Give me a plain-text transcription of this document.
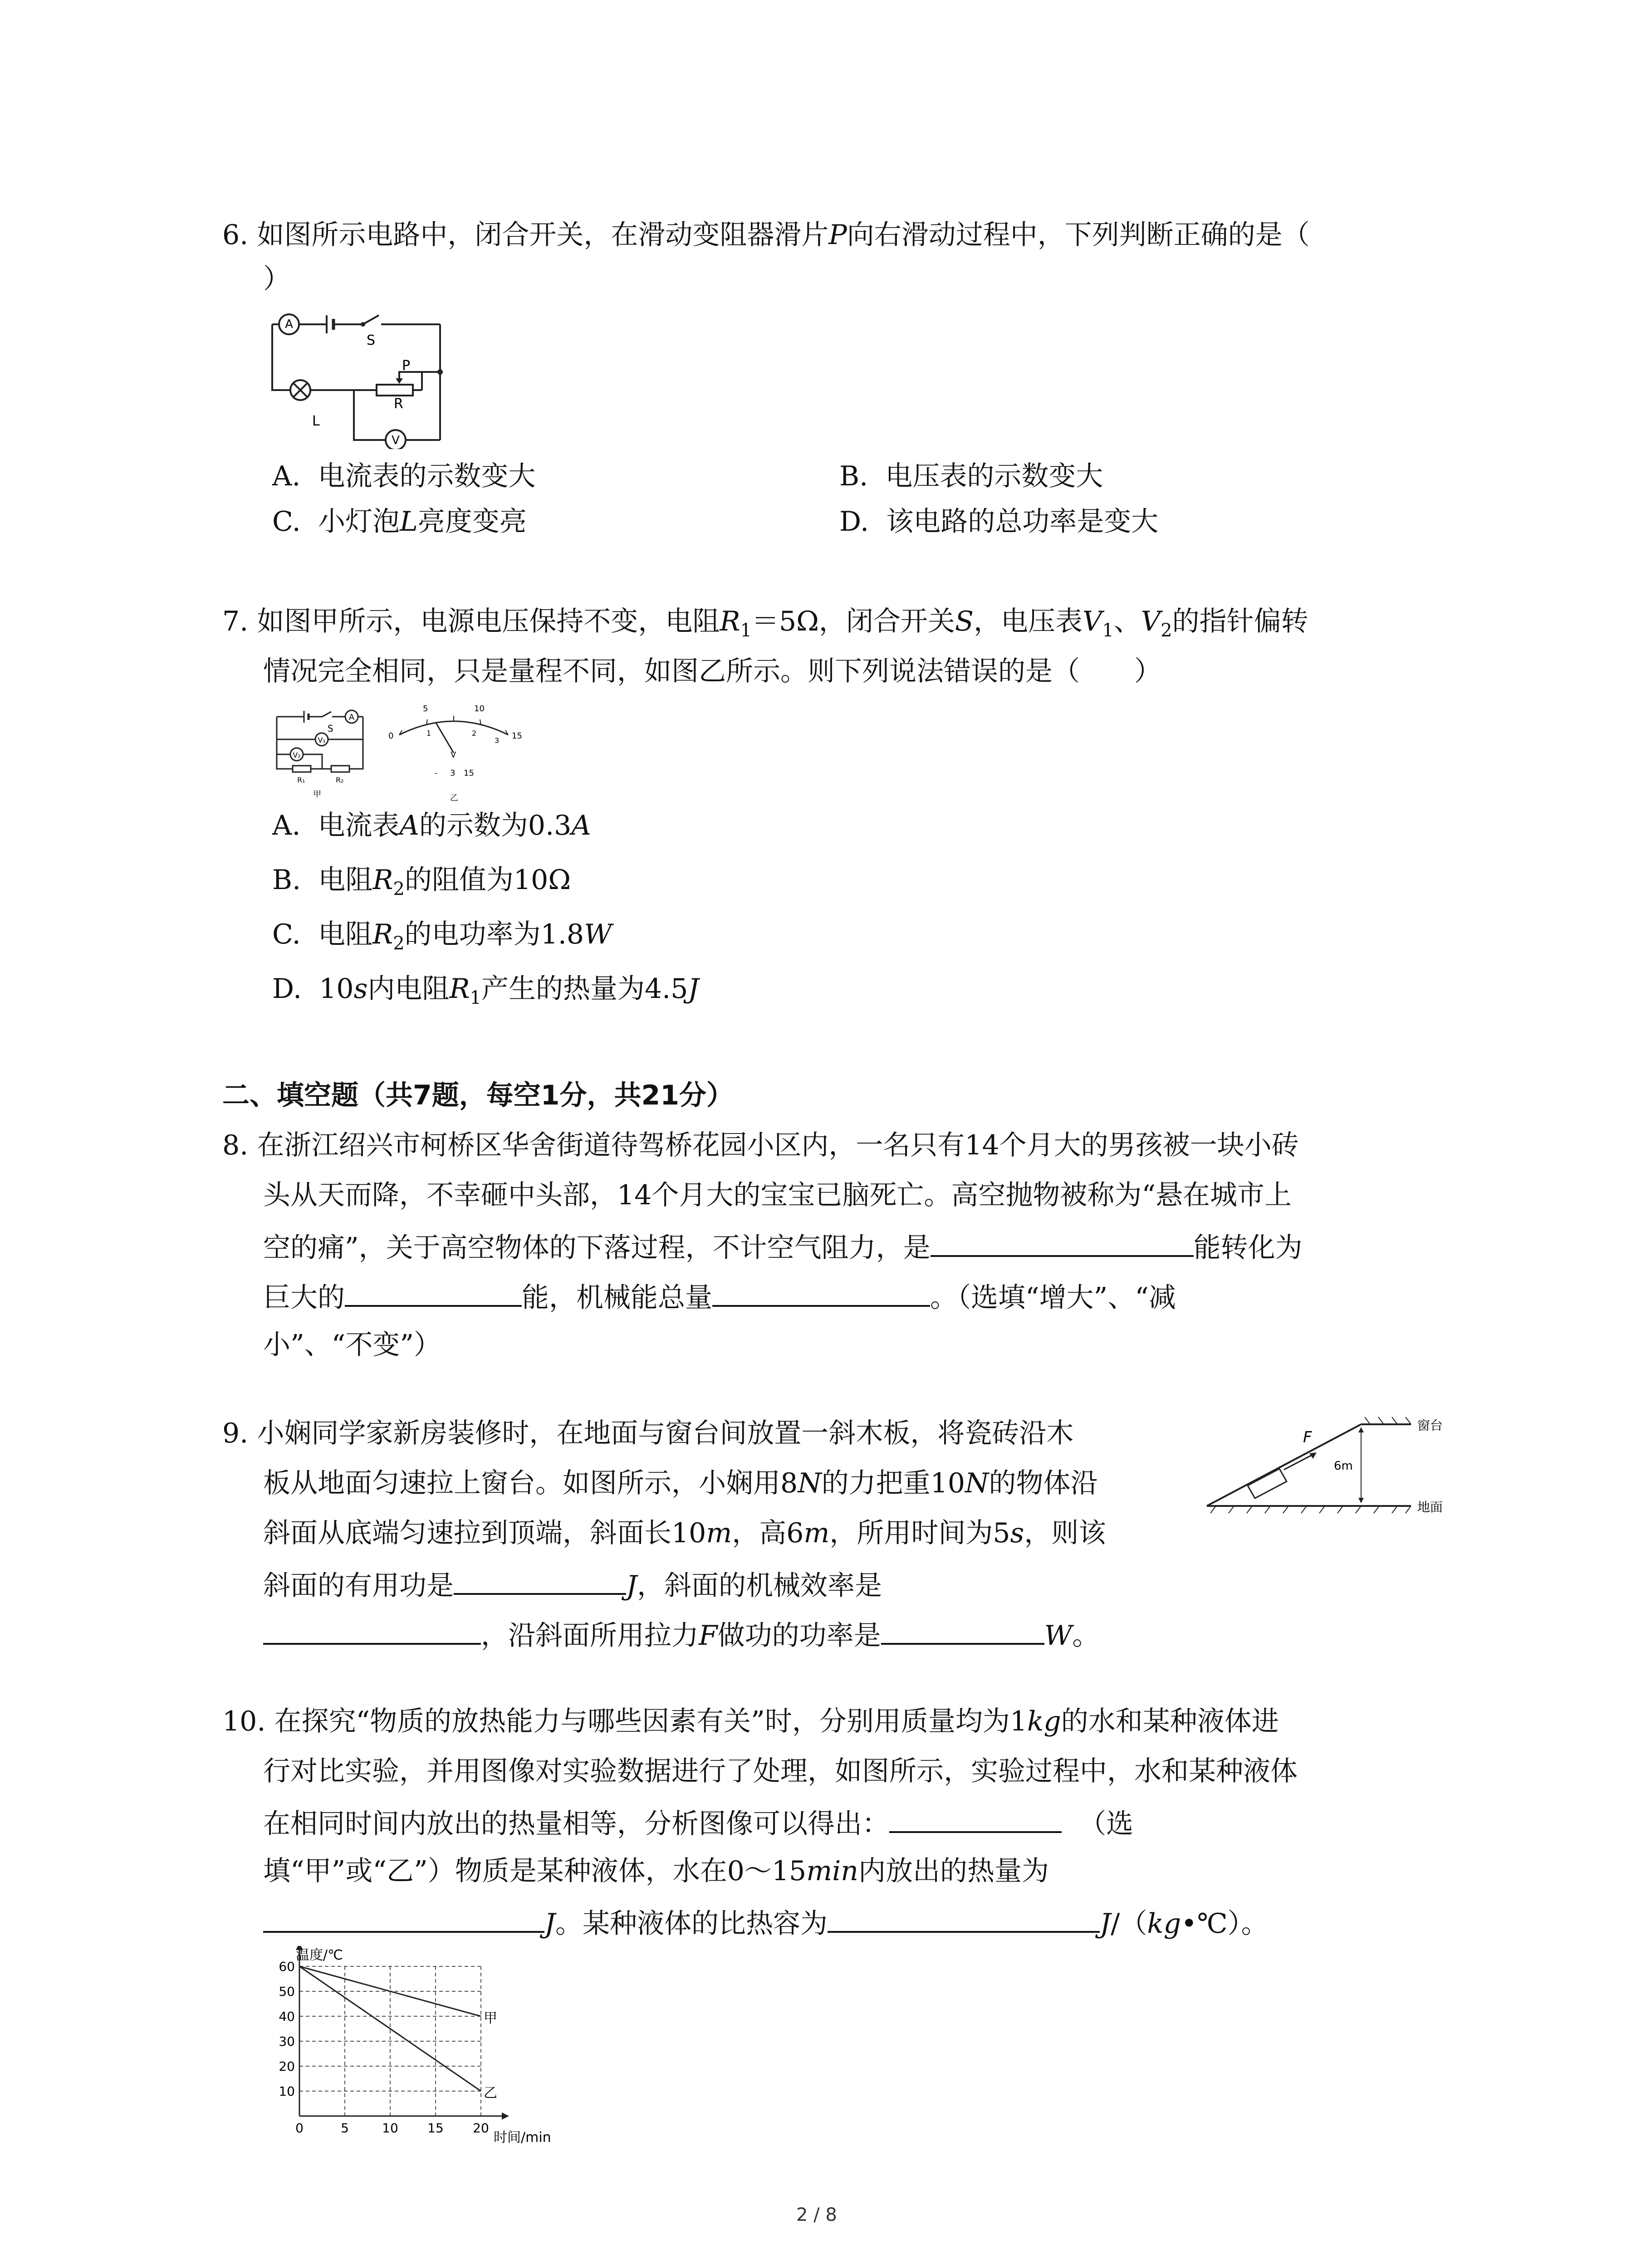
6. 如图所示电路中，闭合开关，在滑动变阻器滑片P向右滑动过程中，下列判断正确的是（
）
A
S
L
R
P
V
A. 电流表的示数变大	B. 电压表的示数变大
C. 小灯泡L亮度变亮	D. 该电路的总功率是变大
7. 如图甲所示，电源电压保持不变，电阻$R_1=5\Omega$，闭合开关S，电压表$V_1$、$V_2$的指针偏转
情况完全相同，只是量程不同，如图乙所示。则下列说法错误的是（　　）
S
A
V₁
V₂
R₁	R₂
甲
0
5	10
15
1	2
3
V
- 3 15
乙
A. 电流表A的示数为0.3A
B. 电阻$R_2$的阻值为10Ω
C. 电阻$R_2$的电功率为1.8W
D. 10s内电阻$R_1$产生的热量为4.5J
二、填空题（共7题，每空1分，共21分）
8. 在浙江绍兴市柯桥区华舍街道待驾桥花园小区内，一名只有14个月大的男孩被一块小砖
头从天而降，不幸砸中头部，14个月大的宝宝已脑死亡。高空抛物被称为“悬在城市上
空的痛”，关于高空物体的下落过程，不计空气阻力，是	能转化为
巨大的	能，机械能总量	。（选填“增大”、“减
小”、“不变”）
9. 小娴同学家新房装修时，在地面与窗台间放置一斜木板，将瓷砖沿木
板从地面匀速拉上窗台。如图所示，小娴用8N的力把重10N的物体沿
斜面从底端匀速拉到顶端，斜面长10m，高6m，所用时间为5s，则该
斜面的有用功是	J，斜面的机械效率是
，沿斜面所用拉力F做功的功率是	W。
F
6m
窗台
地面
10. 在探究“物质的放热能力与哪些因素有关”时，分别用质量均为1kg的水和某种液体进
行对比实验，并用图像对实验数据进行了处理，如图所示，实验过程中，水和某种液体
在相同时间内放出的热量相等，分析图像可以得出：	（选
填“甲”或“乙”）物质是某种液体，水在0～15min内放出的热量为
J。某种液体的比热容为	J/（kg•℃）。
0	5	10 15 20
10
20
30
40
50
60
甲
乙
温度/℃
时间/min
2 / 8
